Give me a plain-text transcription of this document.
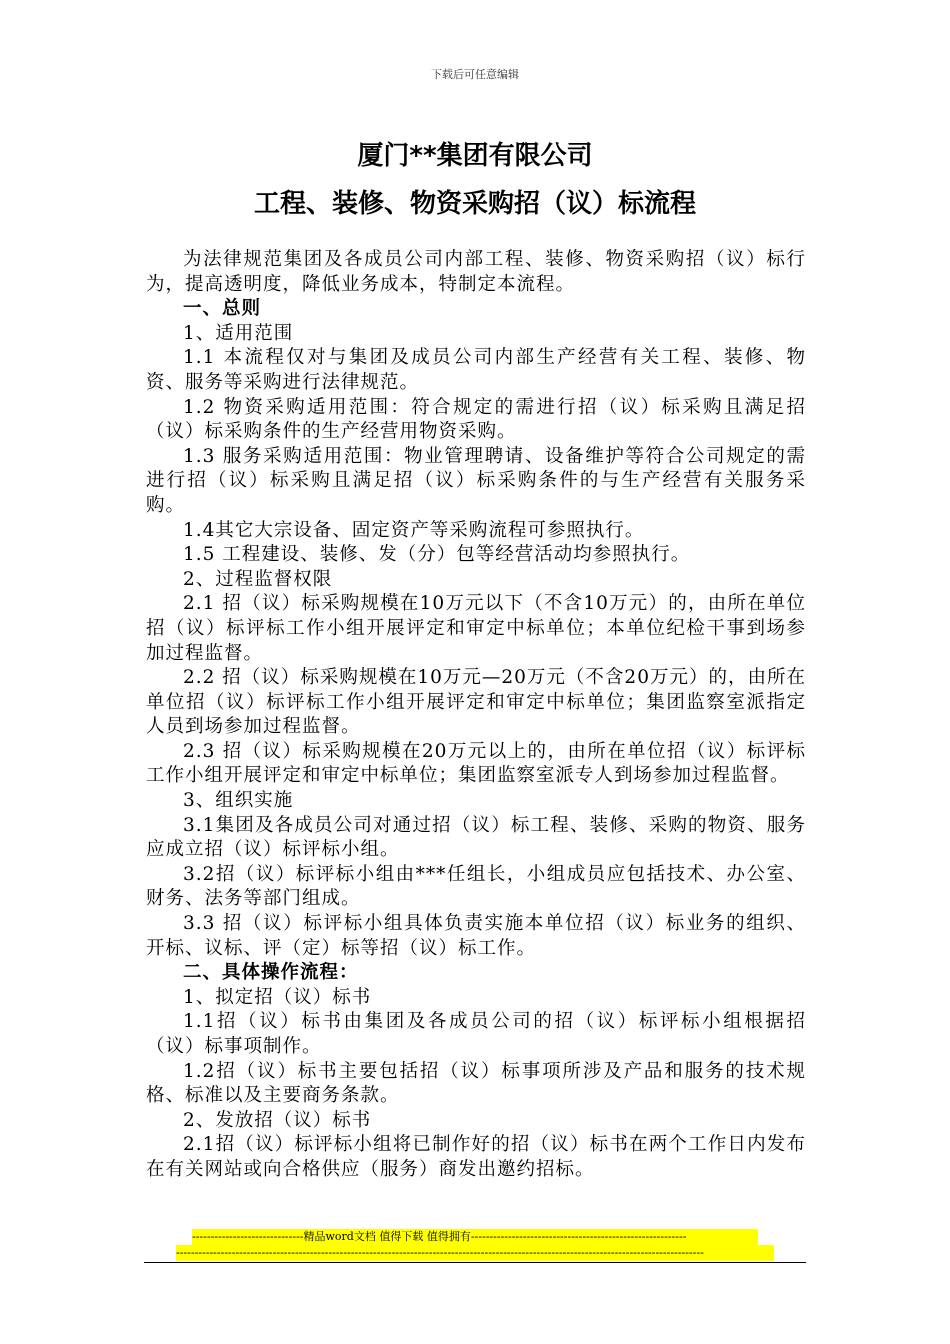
下载后可任意编辑
厦门**集团有限公司
工程、装修、物资采购招（议）标流程

为法律规范集团及各成员公司内部工程、装修、物资采购招（议）标行为，提高透明度，降低业务成本，特制定本流程。

一、总则

1、适用范围

1.1 本流程仅对与集团及成员公司内部生产经营有关工程、装修、物资、服务等采购进行法律规范。

1.2 物资采购适用范围：符合规定的需进行招（议）标采购且满足招（议）标采购条件的生产经营用物资采购。

1.3 服务采购适用范围：物业管理聘请、设备维护等符合公司规定的需进行招（议）标采购且满足招（议）标采购条件的与生产经营有关服务采购。

1.4其它大宗设备、固定资产等采购流程可参照执行。

1.5 工程建设、装修、发（分）包等经营活动均参照执行。

2、过程监督权限

2.1 招（议）标采购规模在10万元以下（不含10万元）的，由所在单位招（议）标评标工作小组开展评定和审定中标单位；本单位纪检干事到场参加过程监督。

2.2 招（议）标采购规模在10万元—20万元（不含20万元）的，由所在单位招（议）标评标工作小组开展评定和审定中标单位；集团监察室派指定人员到场参加过程监督。

2.3 招（议）标采购规模在20万元以上的，由所在单位招（议）标评标工作小组开展评定和审定中标单位；集团监察室派专人到场参加过程监督。

3、组织实施

3.1集团及各成员公司对通过招（议）标工程、装修、采购的物资、服务应成立招（议）标评标小组。

3.2招（议）标评标小组由***任组长，小组成员应包括技术、办公室、财务、法务等部门组成。

3.3 招（议）标评标小组具体负责实施本单位招（议）标业务的组织、开标、议标、评（定）标等招（议）标工作。

二、具体操作流程：

1、拟定招（议）标书

1.1招（议）标书由集团及各成员公司的招（议）标评标小组根据招（议）标事项制作。

1.2招（议）标书主要包括招（议）标事项所涉及产品和服务的技术规格、标准以及主要商务条款。

2、发放招（议）标书

2.1招（议）标评标小组将已制作好的招（议）标书在两个工作日内发布在有关网站或向合格供应（服务）商发出邀约招标。

------------------------------精品word文档 值得下载 值得拥有----------------------------------------------------------
----------------------------------------------------------------------------------------------------------------------------------------------
